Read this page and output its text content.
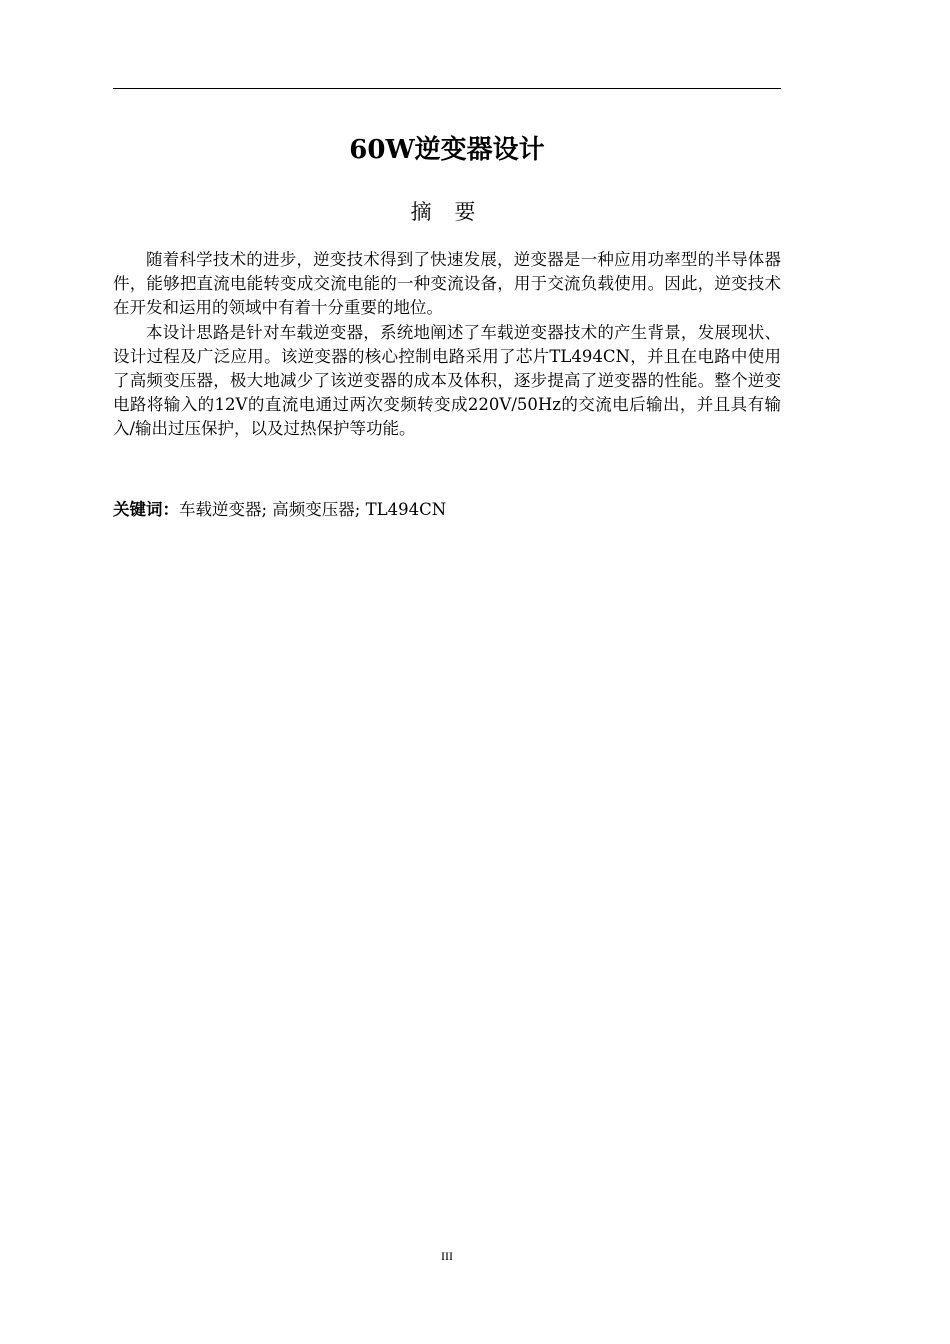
60W逆变器设计
摘 要

随着科学技术的进步，逆变技术得到了快速发展，逆变器是一种应用功率型的半导体器件，能够把直流电能转变成交流电能的一种变流设备，用于交流负载使用。因此，逆变技术在开发和运用的领域中有着十分重要的地位。

本设计思路是针对车载逆变器，系统地阐述了车载逆变器技术的产生背景，发展现状、设计过程及广泛应用。该逆变器的核心控制电路采用了芯片TL494CN，并且在电路中使用了高频变压器，极大地减少了该逆变器的成本及体积，逐步提高了逆变器的性能。整个逆变电路将输入的12V的直流电通过两次变频转变成220V/50Hz的交流电后输出，并且具有输入/输出过压保护，以及过热保护等功能。

关键词：车载逆变器; 高频变压器; TL494CN
III
